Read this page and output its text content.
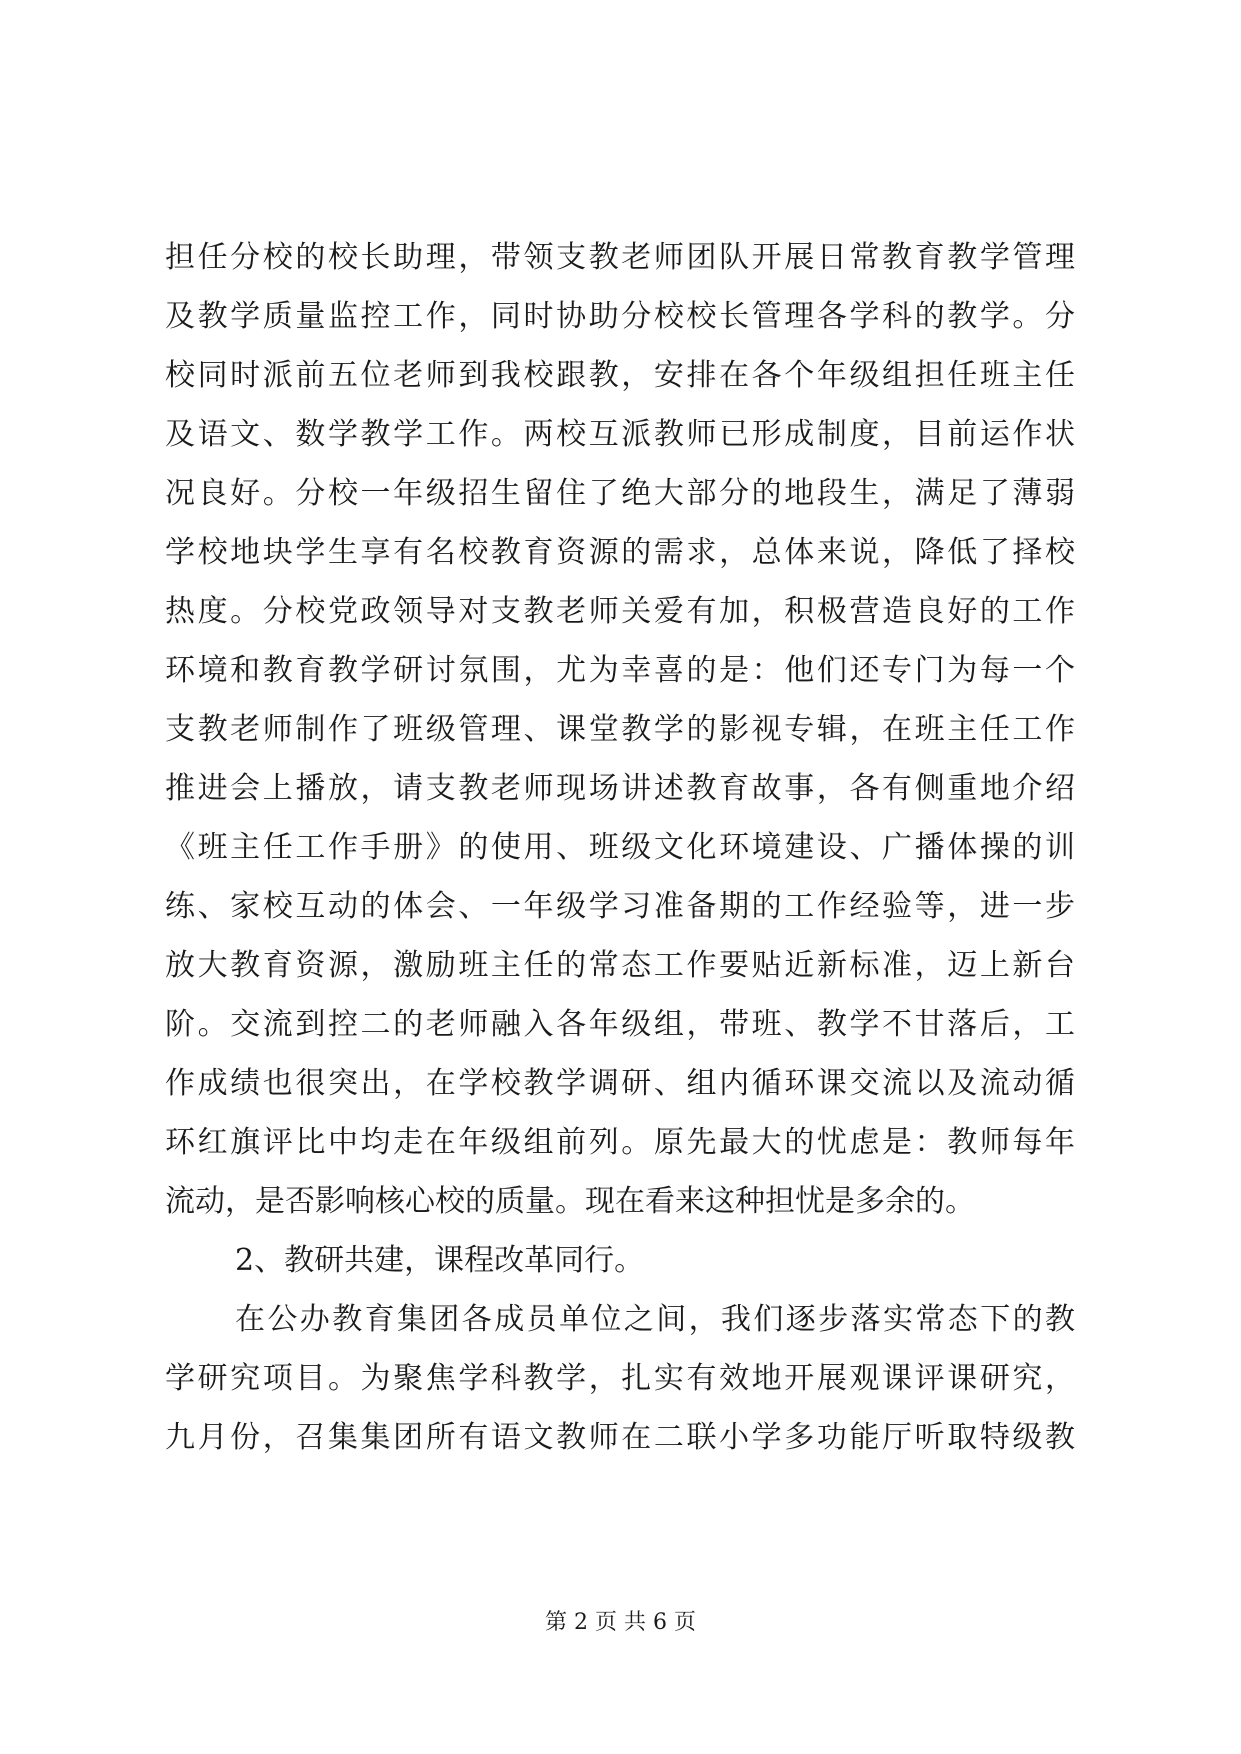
担任分校的校长助理，带领支教老师团队开展日常教育教学管理
及教学质量监控工作，同时协助分校校长管理各学科的教学。分
校同时派前五位老师到我校跟教，安排在各个年级组担任班主任
及语文、数学教学工作。两校互派教师已形成制度，目前运作状
况良好。分校一年级招生留住了绝大部分的地段生，满足了薄弱
学校地块学生享有名校教育资源的需求，总体来说，降低了择校
热度。分校党政领导对支教老师关爱有加，积极营造良好的工作
环境和教育教学研讨氛围，尤为幸喜的是：他们还专门为每一个
支教老师制作了班级管理、课堂教学的影视专辑，在班主任工作
推进会上播放，请支教老师现场讲述教育故事，各有侧重地介绍
《班主任工作手册》的使用、班级文化环境建设、广播体操的训
练、家校互动的体会、一年级学习准备期的工作经验等，进一步
放大教育资源，激励班主任的常态工作要贴近新标准，迈上新台
阶。交流到控二的老师融入各年级组，带班、教学不甘落后，工
作成绩也很突出，在学校教学调研、组内循环课交流以及流动循
环红旗评比中均走在年级组前列。原先最大的忧虑是：教师每年
流动，是否影响核心校的质量。现在看来这种担忧是多余的。
2、教研共建，课程改革同行。
在公办教育集团各成员单位之间，我们逐步落实常态下的教
学研究项目。为聚焦学科教学，扎实有效地开展观课评课研究，
九月份，召集集团所有语文教师在二联小学多功能厅听取特级教
第 2 页 共 6 页
